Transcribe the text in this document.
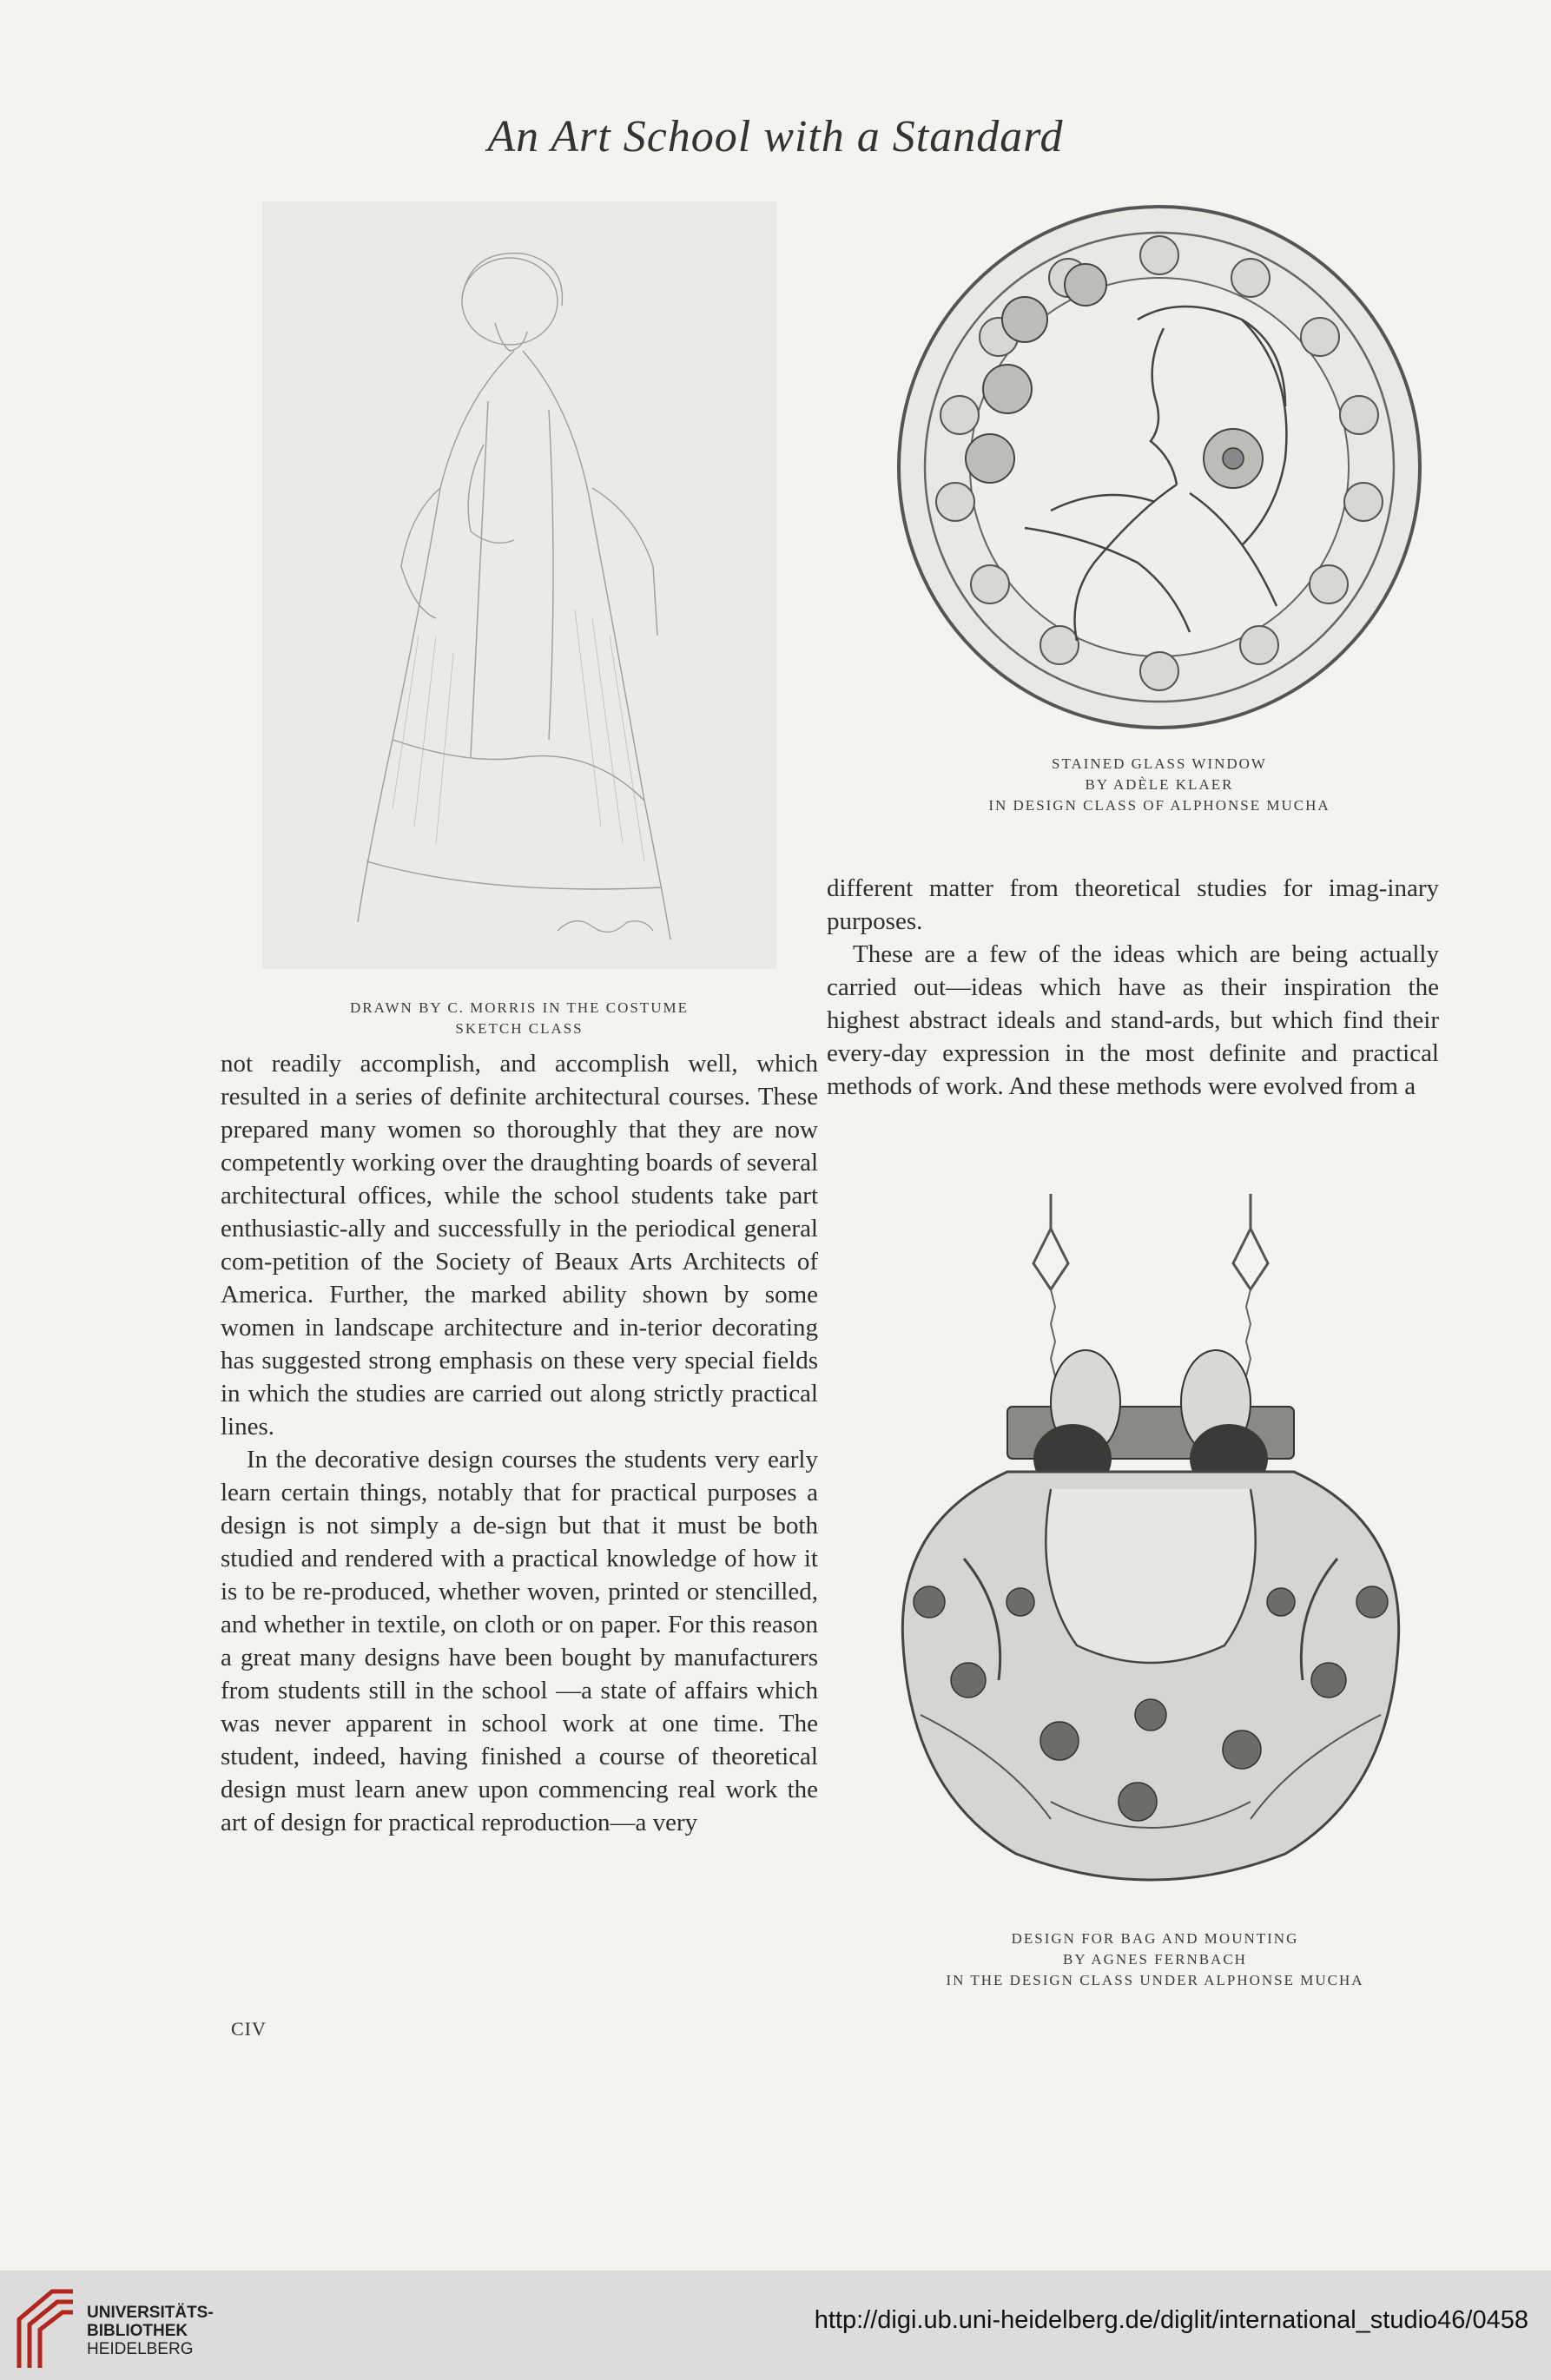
An Art School with a Standard
DRAWN BY C. MORRIS IN THE COSTUME
SKETCH CLASS
STAINED GLASS WINDOW
BY ADÈLE KLAER
IN DESIGN CLASS OF ALPHONSE MUCHA
DESIGN FOR BAG AND MOUNTING
BY AGNES FERNBACH
IN THE DESIGN CLASS UNDER ALPHONSE MUCHA

not readily accomplish, and accomplish well, which resulted in a series of definite architectural courses. These prepared many women so thoroughly that they are now competently working over the draughting boards of several architectural offices, while the school students take part enthusiastic-ally and successfully in the periodical general com-petition of the Society of Beaux Arts Architects of America. Further, the marked ability shown by some women in landscape architecture and in-terior decorating has suggested strong emphasis on these very special fields in which the studies are carried out along strictly practical lines.

In the decorative design courses the students very early learn certain things, notably that for practical purposes a design is not simply a de-sign but that it must be both studied and rendered with a practical knowledge of how it is to be re-produced, whether woven, printed or stencilled, and whether in textile, on cloth or on paper. For this reason a great many designs have been bought by manufacturers from students still in the school —a state of affairs which was never apparent in school work at one time. The student, indeed, having finished a course of theoretical design must learn anew upon commencing real work the art of design for practical reproduction—a very

different matter from theoretical studies for imag-inary purposes.

These are a few of the ideas which are being actually carried out—ideas which have as their inspiration the highest abstract ideals and stand-ards, but which find their every-day expression in the most definite and practical methods of work. And these methods were evolved from a

CIV
UNIVERSITÄTS-
BIBLIOTHEK
HEIDELBERG
http://digi.ub.uni-heidelberg.de/diglit/international_studio46/0458
